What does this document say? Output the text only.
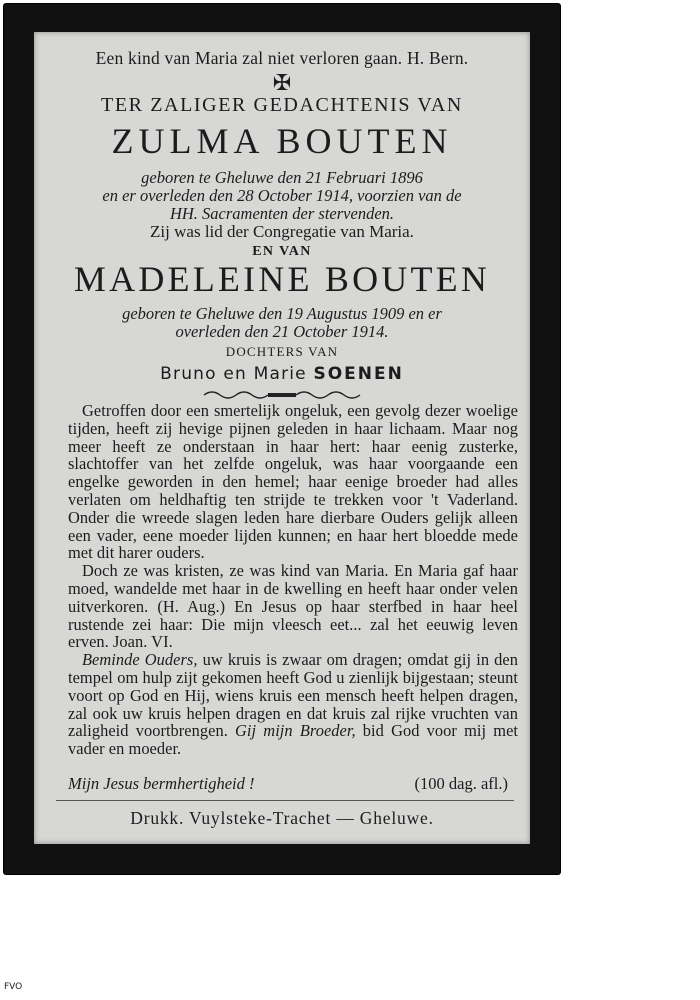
Een kind van Maria zal niet verloren gaan. H. Bern.
✠
TER ZALIGER GEDACHTENIS VAN
ZULMA BOUTEN
geboren te Gheluwe den 21 Februari 1896
en er overleden den 28 October 1914, voorzien van de
HH. Sacramenten der stervenden.
Zij was lid der Congregatie van Maria.
EN VAN
MADELEINE BOUTEN
geboren te Gheluwe den 19 Augustus 1909 en er
overleden den 21 October 1914.
DOCHTERS VAN
Bruno en Marie SOENEN

Getroffen door een smertelijk ongeluk, een gevolg dezer woelige tijden, heeft zij hevige pijnen geleden in haar lichaam. Maar nog meer heeft ze onderstaan in haar hert: haar eenig zusterke, slachtoffer van het zelfde ongeluk, was haar voorgaande een engelke geworden in den hemel; haar eenige broeder had alles verlaten om heldhaftig ten strijde te trekken voor 't Vaderland. Onder die wreede slagen leden hare dierbare Ouders gelijk alleen een vader, eene moeder lijden kunnen; en haar hert bloedde mede met dit harer ouders.

Doch ze was kristen, ze was kind van Maria. En Maria gaf haar moed, wandelde met haar in de kwelling en heeft haar onder velen uitverkoren. (H. Aug.) En Jesus op haar sterfbed in haar heel rustende zei haar: Die mijn vleesch eet... zal het eeuwig leven erven. Joan. VI.

Beminde Ouders, uw kruis is zwaar om dragen; omdat gij in den tempel om hulp zijt gekomen heeft God u zienlijk bijgestaan; steunt voort op God en Hij, wiens kruis een mensch heeft helpen dragen, zal ook uw kruis helpen dragen en dat kruis zal rijke vruchten van zaligheid voortbrengen. Gij mijn Broeder, bid God voor mij met vader en moeder.

Mijn Jesus bermhertigheid !	(100 dag. afl.)
Drukk. Vuylsteke-Trachet — Gheluwe.
FVO
